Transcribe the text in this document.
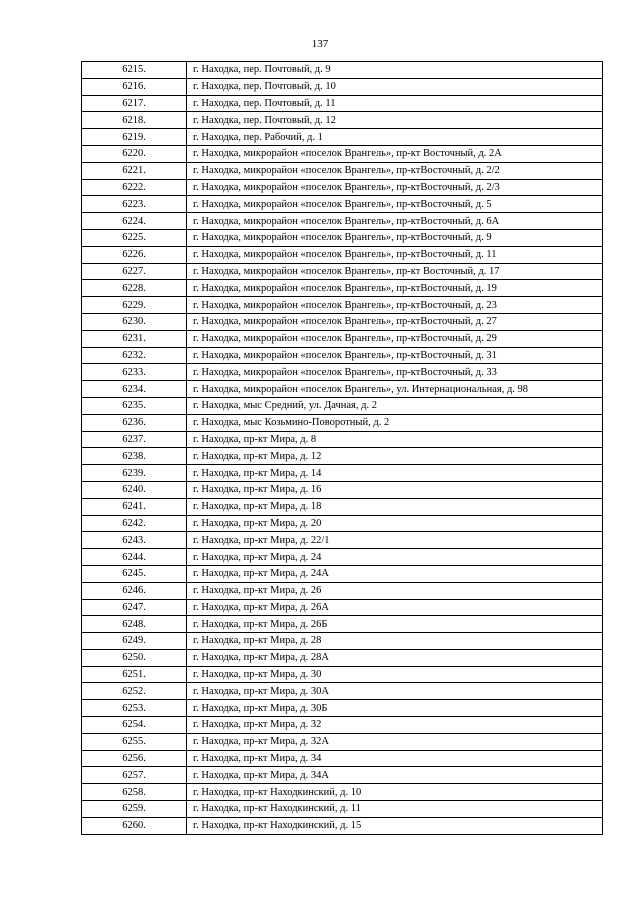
137
6215.	г. Находка, пер. Почтовый, д. 9
6216.	г. Находка, пер. Почтовый, д. 10
6217.	г. Находка, пер. Почтовый, д. 11
6218.	г. Находка, пер. Почтовый, д. 12
6219.	г. Находка, пер. Рабочий, д. 1
6220.	г. Находка, микрорайон «поселок Врангель», пр-кт Восточный, д. 2А
6221.	г. Находка, микрорайон «поселок Врангель», пр-ктВосточный, д. 2/2
6222.	г. Находка, микрорайон «поселок Врангель», пр-ктВосточный, д. 2/3
6223.	г. Находка, микрорайон «поселок Врангель», пр-ктВосточный, д. 5
6224.	г. Находка, микрорайон «поселок Врангель», пр-ктВосточный, д. 6А
6225.	г. Находка, микрорайон «поселок Врангель», пр-ктВосточный, д. 9
6226.	г. Находка, микрорайон «поселок Врангель», пр-ктВосточный, д. 11
6227.	г. Находка, микрорайон «поселок Врангель», пр-кт Восточный, д. 17
6228.	г. Находка, микрорайон «поселок Врангель», пр-ктВосточный, д. 19
6229.	г. Находка, микрорайон «поселок Врангель», пр-ктВосточный, д. 23
6230.	г. Находка, микрорайон «поселок Врангель», пр-ктВосточный, д. 27
6231.	г. Находка, микрорайон «поселок Врангель», пр-ктВосточный, д. 29
6232.	г. Находка, микрорайон «поселок Врангель», пр-ктВосточный, д. 31
6233.	г. Находка, микрорайон «поселок Врангель», пр-ктВосточный, д. 33
6234.	г. Находка, микрорайон «поселок Врангель», ул. Интернациональная, д. 98
6235.	г. Находка, мыс Средний, ул. Дачная, д. 2
6236.	г. Находка, мыс Козьмино-Поворотный, д. 2
6237.	г. Находка, пр-кт Мира, д. 8
6238.	г. Находка, пр-кт Мира, д. 12
6239.	г. Находка, пр-кт Мира, д. 14
6240.	г. Находка, пр-кт Мира, д. 16
6241.	г. Находка, пр-кт Мира, д. 18
6242.	г. Находка, пр-кт Мира, д. 20
6243.	г. Находка, пр-кт Мира, д. 22/1
6244.	г. Находка, пр-кт Мира, д. 24
6245.	г. Находка, пр-кт Мира, д. 24А
6246.	г. Находка, пр-кт Мира, д. 26
6247.	г. Находка, пр-кт Мира, д. 26А
6248.	г. Находка, пр-кт Мира, д. 26Б
6249.	г. Находка, пр-кт Мира, д. 28
6250.	г. Находка, пр-кт Мира, д. 28А
6251.	г. Находка, пр-кт Мира, д. 30
6252.	г. Находка, пр-кт Мира, д. 30А
6253.	г. Находка, пр-кт Мира, д. 30Б
6254.	г. Находка, пр-кт Мира, д. 32
6255.	г. Находка, пр-кт Мира, д. 32А
6256.	г. Находка, пр-кт Мира, д. 34
6257.	г. Находка, пр-кт Мира, д. 34А
6258.	г. Находка, пр-кт Находкинский, д. 10
6259.	г. Находка, пр-кт Находкинский, д. 11
6260.	г. Находка, пр-кт Находкинский, д. 15
